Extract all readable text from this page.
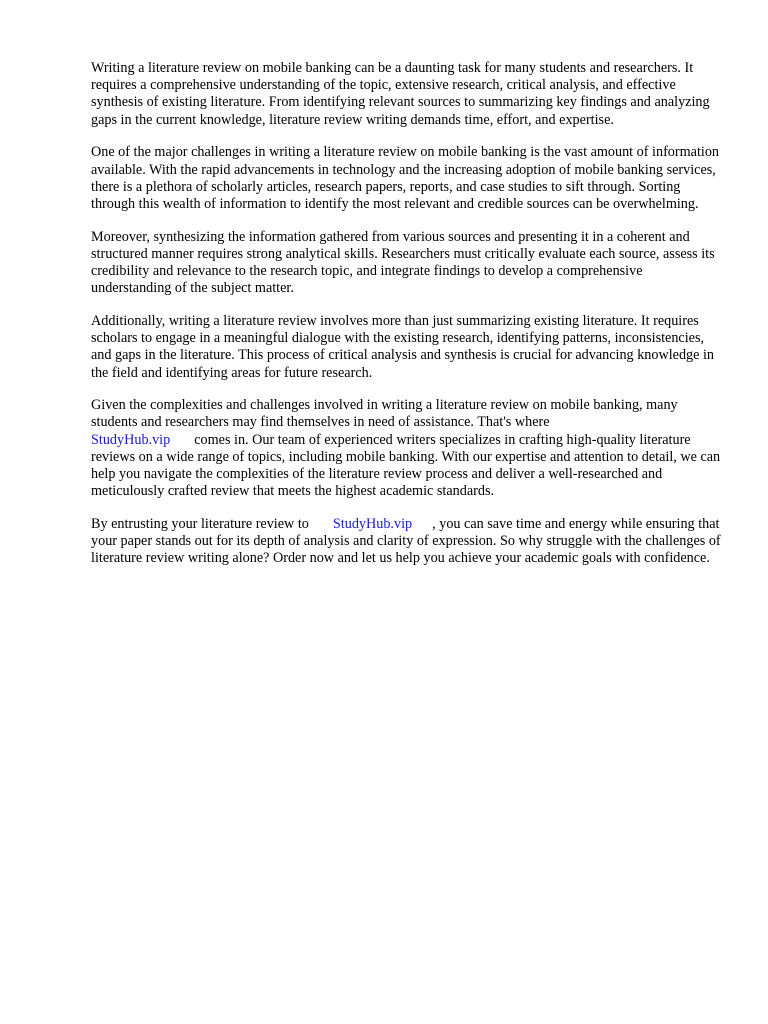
Writing a literature review on mobile banking can be a daunting task for many students and researchers. It requires a comprehensive understanding of the topic, extensive research, critical analysis, and effective synthesis of existing literature. From identifying relevant sources to summarizing key findings and analyzing gaps in the current knowledge, literature review writing demands time, effort, and expertise.

One of the major challenges in writing a literature review on mobile banking is the vast amount of information available. With the rapid advancements in technology and the increasing adoption of mobile banking services, there is a plethora of scholarly articles, research papers, reports, and case studies to sift through. Sorting through this wealth of information to identify the most relevant and credible sources can be overwhelming.

Moreover, synthesizing the information gathered from various sources and presenting it in a coherent and structured manner requires strong analytical skills. Researchers must critically evaluate each source, assess its credibility and relevance to the research topic, and integrate findings to develop a comprehensive understanding of the subject matter.

Additionally, writing a literature review involves more than just summarizing existing literature. It requires scholars to engage in a meaningful dialogue with the existing research, identifying patterns, inconsistencies, and gaps in the literature. This process of critical analysis and synthesis is crucial for advancing knowledge in the field and identifying areas for future research.

Given the complexities and challenges involved in writing a literature review on mobile banking, many students and researchers may find themselves in need of assistance. That's where
StudyHub.vip comes in. Our team of experienced writers specializes in crafting high-quality literature reviews on a wide range of topics, including mobile banking. With our expertise and attention to detail, we can help you navigate the complexities of the literature review process and deliver a well-researched and meticulously crafted review that meets the highest academic standards.

By entrusting your literature review to StudyHub.vip , you can save time and energy while ensuring that your paper stands out for its depth of analysis and clarity of expression. So why struggle with the challenges of literature review writing alone? Order now and let us help you achieve your academic goals with confidence.
